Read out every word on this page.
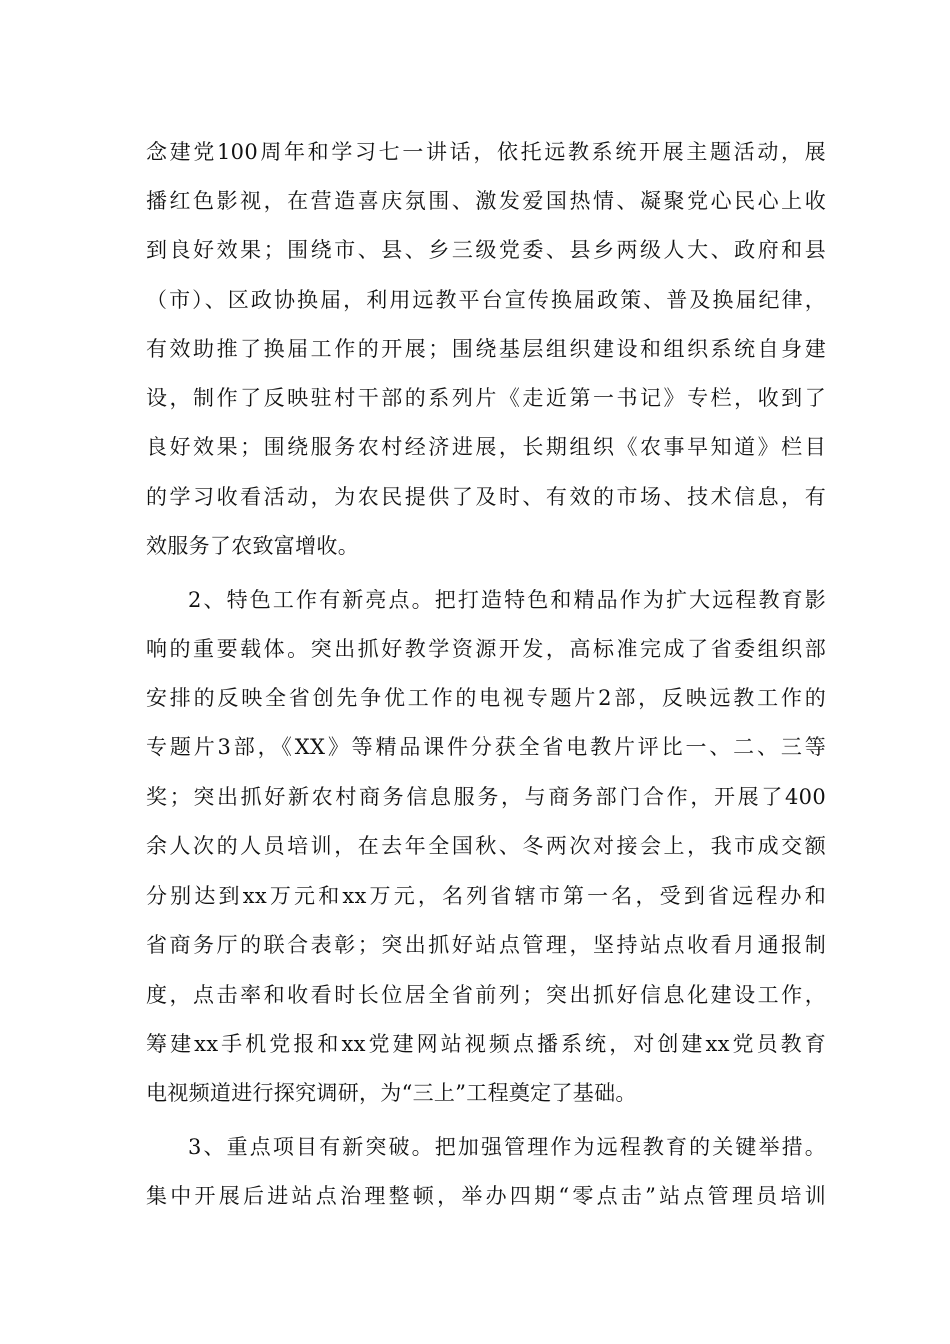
念建党100周年和学习七一讲话，依托远教系统开展主题活动，展
播红色影视，在营造喜庆氛围、激发爱国热情、凝聚党心民心上收
到良好效果；围绕市、县、乡三级党委、县乡两级人大、政府和县
（市）、区政协换届，利用远教平台宣传换届政策、普及换届纪律，
有效助推了换届工作的开展；围绕基层组织建设和组织系统自身建
设，制作了反映驻村干部的系列片《走近第一书记》专栏，收到了
良好效果；围绕服务农村经济进展，长期组织《农事早知道》栏目
的学习收看活动，为农民提供了及时、有效的市场、技术信息，有
效服务了农致富增收。
2、特色工作有新亮点。把打造特色和精品作为扩大远程教育影
响的重要载体。突出抓好教学资源开发，高标准完成了省委组织部
安排的反映全省创先争优工作的电视专题片2部，反映远教工作的
专题片3部，《XX》等精品课件分获全省电教片评比一、二、三等
奖；突出抓好新农村商务信息服务，与商务部门合作，开展了400
余人次的人员培训，在去年全国秋、冬两次对接会上，我市成交额
分别达到xx万元和xx万元，名列省辖市第一名，受到省远程办和
省商务厅的联合表彰；突出抓好站点管理，坚持站点收看月通报制
度，点击率和收看时长位居全省前列；突出抓好信息化建设工作，
筹建xx手机党报和xx党建网站视频点播系统，对创建xx党员教育
电视频道进行探究调研，为“三上”工程奠定了基础。
3、重点项目有新突破。把加强管理作为远程教育的关键举措。
集中开展后进站点治理整顿，举办四期“零点击”站点管理员培训
